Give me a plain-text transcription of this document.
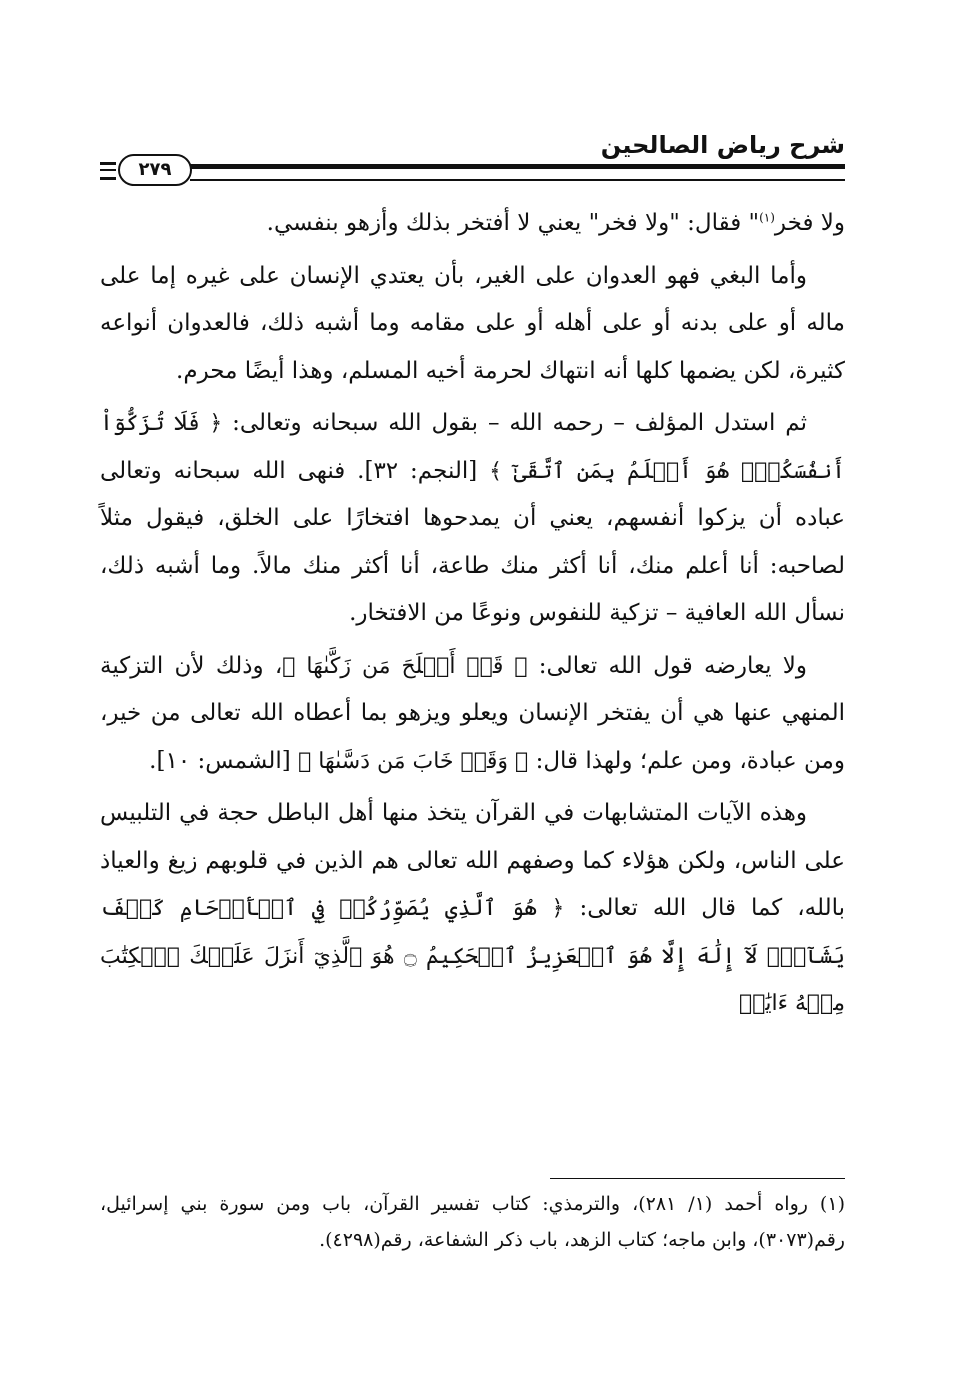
شرح رياض الصالحين
٢٧٩

ولا فخر$^{(١)}$" فقال: "ولا فخر" يعني لا أفتخر بذلك وأزهو بنفسي.

وأما البغي فهو العدوان على الغير، بأن يعتدي الإنسان على غيره إما على ماله أو على بدنه أو على أهله أو على مقامه وما أشبه ذلك، فالعدوان أنواعه كثيرة، لكن يضمها كلها أنه انتهاك لحرمة أخيه المسلم، وهذا أيضًا محرم.

ثم استدل المؤلف – رحمه الله – بقول الله سبحانه وتعالى: ﴿ فَلَا تُزَكُّوٓاْ أَنفُسَكُمۡۖ هُوَ أَعۡلَمُ بِمَنِ ٱتَّقَىٰٓ ﴾ [النجم: ٣٢]. فنهى الله سبحانه وتعالى عباده أن يزكوا أنفسهم، يعني أن يمدحوها افتخارًا على الخلق، فيقول مثلاً لصاحبه: أنا أعلم منك، أنا أكثر منك طاعة، أنا أكثر منك مالاً. وما أشبه ذلك، نسأل الله العافية – تزكية للنفوس ونوعًا من الافتخار.

ولا يعارضه قول الله تعالى: ﴿ قَدۡ أَفۡلَحَ مَن زَكَّىٰهَا ﴾، وذلك لأن التزكية المنهي عنها هي أن يفتخر الإنسان ويعلو ويزهو بما أعطاه الله تعالى من خير، ومن عبادة، ومن علم؛ ولهذا قال: ﴿ وَقَدۡ خَابَ مَن دَسَّىٰهَا ﴾ [الشمس: ١٠].

وهذه الآيات المتشابهات في القرآن يتخذ منها أهل الباطل حجة في التلبيس على الناس، ولكن هؤلاء كما وصفهم الله تعالى هم الذين في قلوبهم زيغ والعياذ بالله، كما قال الله تعالى: ﴿ هُوَ ٱلَّذِي يُصَوِّرُكُمۡ فِي ٱلۡأَرۡحَامِ كَيۡفَ يَشَآءُۚ لَآ إِلَٰهَ إِلَّا هُوَ ٱلۡعَزِيزُ ٱلۡحَكِيمُ ۝ هُوَ ٱلَّذِيٓ أَنزَلَ عَلَيۡكَ ٱلۡكِتَٰبَ مِنۡهُ ءَايَٰتٞ

(١) رواه أحمد (١/ ٢٨١)، والترمذي: كتاب تفسير القرآن، باب ومن سورة بني إسرائيل، رقم(٣٠٧٣)، وابن ماجه؛ كتاب الزهد، باب ذكر الشفاعة، رقم(٤٢٩٨).
